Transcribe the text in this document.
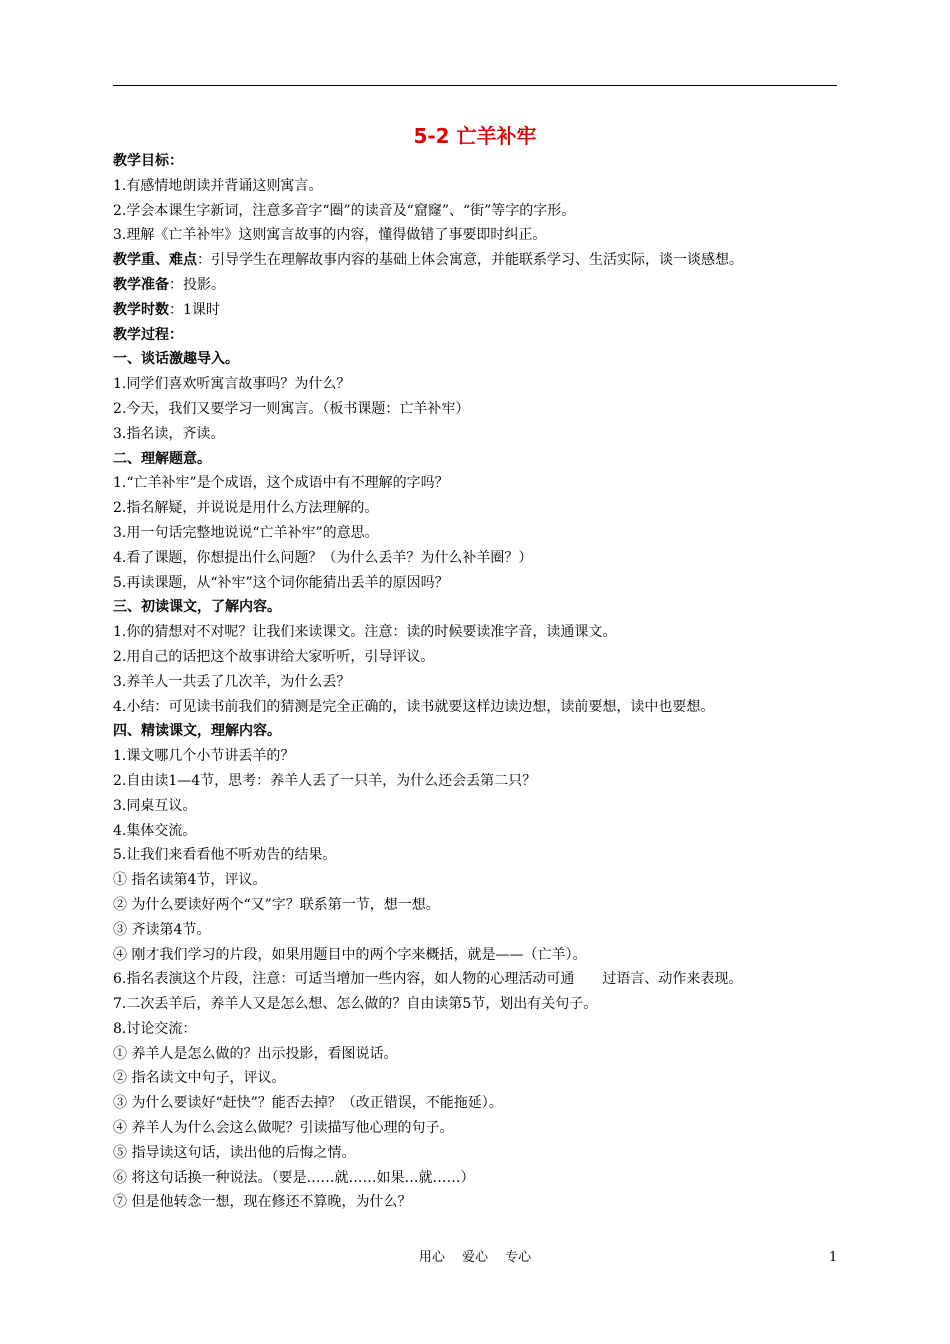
5-2 亡羊补牢
教学目标：
1.有感情地朗读并背诵这则寓言。
2.学会本课生字新词，注意多音字“圈”的读音及“窟窿”、“街”等字的字形。
3.理解《亡羊补牢》这则寓言故事的内容，懂得做错了事要即时纠正。
教学重、难点：引导学生在理解故事内容的基础上体会寓意，并能联系学习、生活实际，谈一谈感想。
教学准备：投影。
教学时数：1课时
教学过程：
一、谈话激趣导入。
1.同学们喜欢听寓言故事吗？为什么？
2.今天，我们又要学习一则寓言。（板书课题：亡羊补牢）
3.指名读，齐读。
二、理解题意。
1.“亡羊补牢”是个成语，这个成语中有不理解的字吗？
2.指名解疑，并说说是用什么方法理解的。
3.用一句话完整地说说“亡羊补牢”的意思。
4.看了课题，你想提出什么问题？（为什么丢羊？为什么补羊圈？）
5.再读课题，从“补牢”这个词你能猜出丢羊的原因吗？
三、初读课文，了解内容。
1.你的猜想对不对呢？让我们来读课文。注意：读的时候要读准字音，读通课文。
2.用自己的话把这个故事讲给大家听听，引导评议。
3.养羊人一共丢了几次羊，为什么丢？
4.小结：可见读书前我们的猜测是完全正确的，读书就要这样边读边想，读前要想，读中也要想。
四、精读课文，理解内容。
1.课文哪几个小节讲丢羊的？
2.自由读1—4节，思考：养羊人丢了一只羊，为什么还会丢第二只？
3.同桌互议。
4.集体交流。
5.让我们来看看他不听劝告的结果。
① 指名读第4节，评议。
② 为什么要读好两个“又”字？联系第一节，想一想。
③ 齐读第4节。
④ 刚才我们学习的片段，如果用题目中的两个字来概括，就是——（亡羊）。
6.指名表演这个片段，注意：可适当增加一些内容，如人物的心理活动可通　　过语言、动作来表现。
7.二次丢羊后，养羊人又是怎么想、怎么做的？自由读第5节，划出有关句子。
8.讨论交流：
① 养羊人是怎么做的？出示投影，看图说话。
② 指名读文中句子，评议。
③ 为什么要读好“赶快”？能否去掉？（改正错误，不能拖延）。
④ 养羊人为什么会这么做呢？引读描写他心理的句子。
⑤ 指导读这句话，读出他的后悔之情。
⑥ 将这句话换一种说法。（要是……就……如果…就……）
⑦ 但是他转念一想，现在修还不算晚，为什么？
用心　 爱心　 专心	1
